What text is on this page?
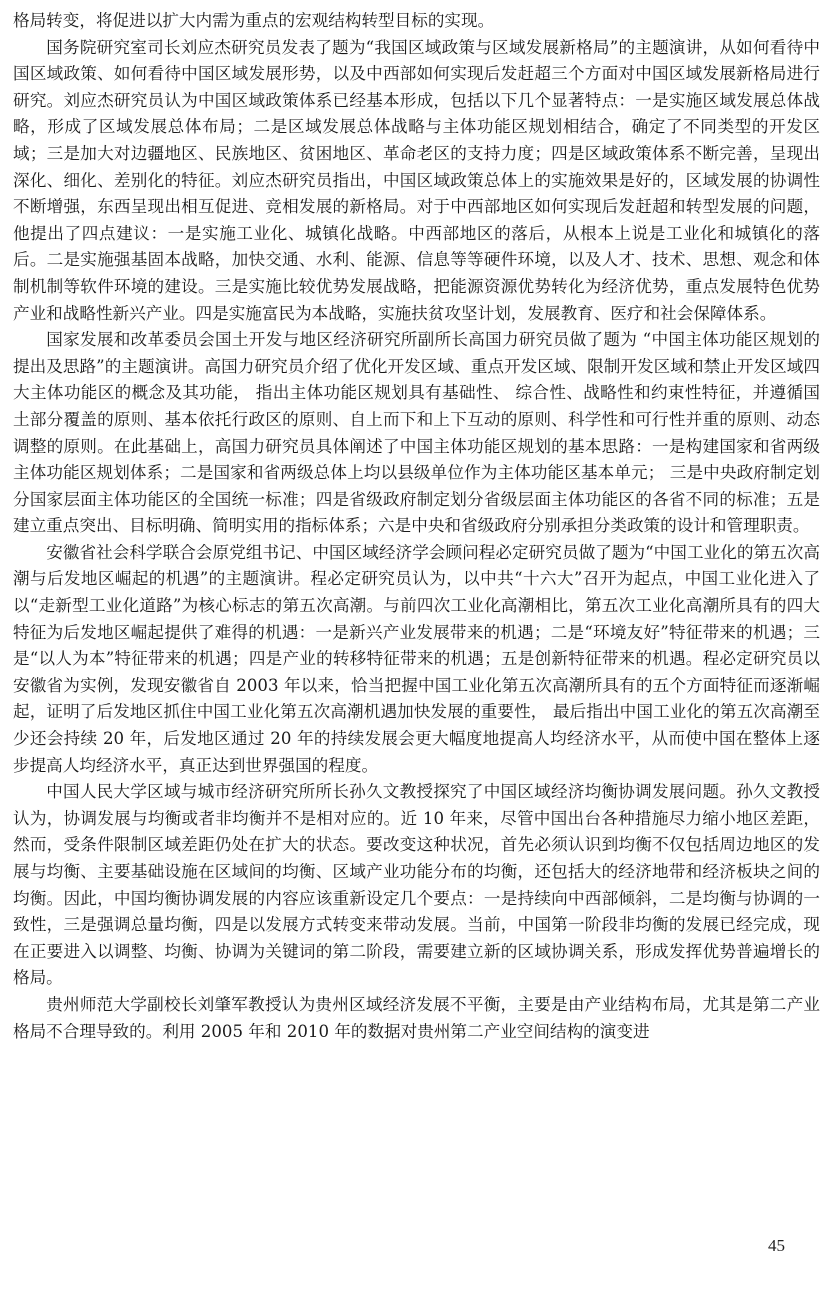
格局转变，将促进以扩大内需为重点的宏观结构转型目标的实现。

国务院研究室司长刘应杰研究员发表了题为“我国区域政策与区域发展新格局”的主题演讲，从如何看待中国区域政策、如何看待中国区域发展形势，以及中西部如何实现后发赶超三个方面对中国区域发展新格局进行研究。刘应杰研究员认为中国区域政策体系已经基本形成，包括以下几个显著特点：一是实施区域发展总体战略，形成了区域发展总体布局；二是区域发展总体战略与主体功能区规划相结合，确定了不同类型的开发区域；三是加大对边疆地区、民族地区、贫困地区、革命老区的支持力度；四是区域政策体系不断完善，呈现出深化、细化、差别化的特征。刘应杰研究员指出，中国区域政策总体上的实施效果是好的，区域发展的协调性不断增强，东西呈现出相互促进、竞相发展的新格局。对于中西部地区如何实现后发赶超和转型发展的问题，他提出了四点建议：一是实施工业化、城镇化战略。中西部地区的落后，从根本上说是工业化和城镇化的落后。二是实施强基固本战略，加快交通、水利、能源、信息等等硬件环境，以及人才、技术、思想、观念和体制机制等软件环境的建设。三是实施比较优势发展战略，把能源资源优势转化为经济优势，重点发展特色优势产业和战略性新兴产业。四是实施富民为本战略，实施扶贫攻坚计划，发展教育、医疗和社会保障体系。

国家发展和改革委员会国土开发与地区经济研究所副所长高国力研究员做了题为 “中国主体功能区规划的提出及思路”的主题演讲。高国力研究员介绍了优化开发区域、重点开发区域、限制开发区域和禁止开发区域四大主体功能区的概念及其功能， 指出主体功能区规划具有基础性、 综合性、战略性和约束性特征，并遵循国土部分覆盖的原则、基本依托行政区的原则、自上而下和上下互动的原则、科学性和可行性并重的原则、动态调整的原则。在此基础上，高国力研究员具体阐述了中国主体功能区规划的基本思路：一是构建国家和省两级主体功能区规划体系；二是国家和省两级总体上均以县级单位作为主体功能区基本单元； 三是中央政府制定划分国家层面主体功能区的全国统一标准；四是省级政府制定划分省级层面主体功能区的各省不同的标准；五是建立重点突出、目标明确、简明实用的指标体系；六是中央和省级政府分别承担分类政策的设计和管理职责。

安徽省社会科学联合会原党组书记、中国区域经济学会顾问程必定研究员做了题为“中国工业化的第五次高潮与后发地区崛起的机遇”的主题演讲。程必定研究员认为，以中共“十六大”召开为起点，中国工业化进入了以“走新型工业化道路”为核心标志的第五次高潮。与前四次工业化高潮相比，第五次工业化高潮所具有的四大特征为后发地区崛起提供了难得的机遇：一是新兴产业发展带来的机遇；二是“环境友好”特征带来的机遇；三是“以人为本”特征带来的机遇；四是产业的转移特征带来的机遇；五是创新特征带来的机遇。程必定研究员以安徽省为实例，发现安徽省自 2003 年以来，恰当把握中国工业化第五次高潮所具有的五个方面特征而逐渐崛起，证明了后发地区抓住中国工业化第五次高潮机遇加快发展的重要性， 最后指出中国工业化的第五次高潮至少还会持续 20 年，后发地区通过 20 年的持续发展会更大幅度地提高人均经济水平，从而使中国在整体上逐步提高人均经济水平，真正达到世界强国的程度。

中国人民大学区域与城市经济研究所所长孙久文教授探究了中国区域经济均衡协调发展问题。孙久文教授认为，协调发展与均衡或者非均衡并不是相对应的。近 10 年来，尽管中国出台各种措施尽力缩小地区差距，然而，受条件限制区域差距仍处在扩大的状态。要改变这种状况，首先必须认识到均衡不仅包括周边地区的发展与均衡、主要基础设施在区域间的均衡、区域产业功能分布的均衡，还包括大的经济地带和经济板块之间的均衡。因此，中国均衡协调发展的内容应该重新设定几个要点：一是持续向中西部倾斜，二是均衡与协调的一致性，三是强调总量均衡，四是以发展方式转变来带动发展。当前，中国第一阶段非均衡的发展已经完成，现在正要进入以调整、均衡、协调为关键词的第二阶段，需要建立新的区域协调关系，形成发挥优势普遍增长的格局。

贵州师范大学副校长刘肇军教授认为贵州区域经济发展不平衡，主要是由产业结构布局，尤其是第二产业格局不合理导致的。利用 2005 年和 2010 年的数据对贵州第二产业空间结构的演变进

45
